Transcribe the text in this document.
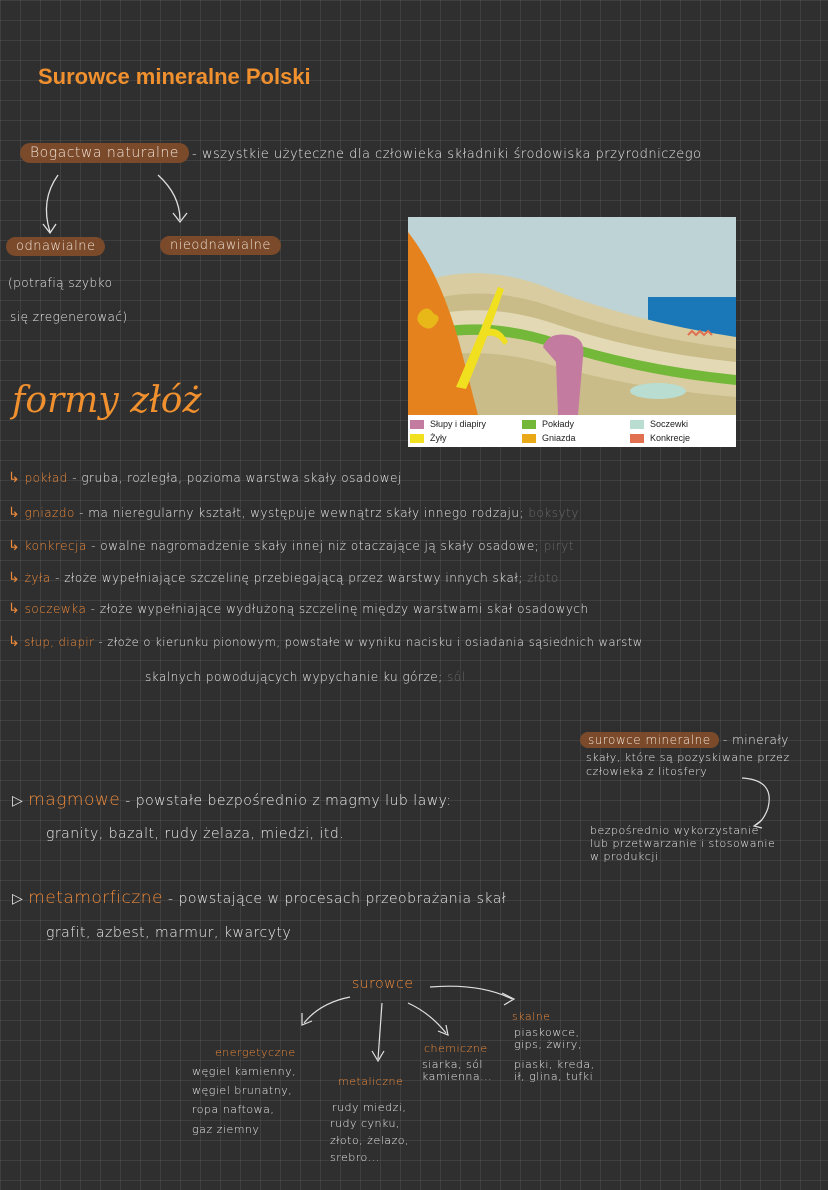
Surowce mineralne Polski
Bogactwa naturalne	- wszystkie użyteczne dla człowieka składniki środowiska przyrodniczego
odnawialne	nieodnawialne
(potrafią szybko
się zregenerować)
formy złóż
Słupy i diapiry	Pokłady	Soczewki
Żyły	Gniazda	Konkrecje
↳ pokład - gruba, rozległa, pozioma warstwa skały osadowej
↳ gniazdo - ma nieregularny kształt, występuje wewnątrz skały innego rodzaju; boksyty
↳ konkrecja - owalne nagromadzenie skały innej niż otaczające ją skały osadowe; piryt
↳ żyła - złoże wypełniające szczelinę przebiegającą przez warstwy innych skał; złoto
↳ soczewka - złoże wypełniające wydłużoną szczelinę między warstwami skał osadowych
↳ słup, diapir - złoże o kierunku pionowym, powstałe w wyniku nacisku i osiadania sąsiednich warstw
skalnych powodujących wypychanie ku górze; sól
surowce mineralne - minerały
skały, które są pozyskiwane przez
człowieka z litosfery
bezpośrednio wykorzystanie
lub przetwarzanie i stosowanie
w produkcji
▷ magmowe - powstałe bezpośrednio z magmy lub lawy:
granity, bazalt, rudy żelaza, miedzi, itd.
▷ metamorficzne - powstające w procesach przeobrażania skał
grafit, azbest, marmur, kwarcyty
surowce
energetyczne
węgiel kamienny,
węgiel brunatny,
ropa naftowa,
gaz ziemny
metaliczne
rudy miedzi,
rudy cynku,
złoto, żelazo,
srebro...
chemiczne
siarka, sól
kamienna...
skalne
piaskowce,
gips, żwiry,
piaski, kreda,
ił, glina, tufki
